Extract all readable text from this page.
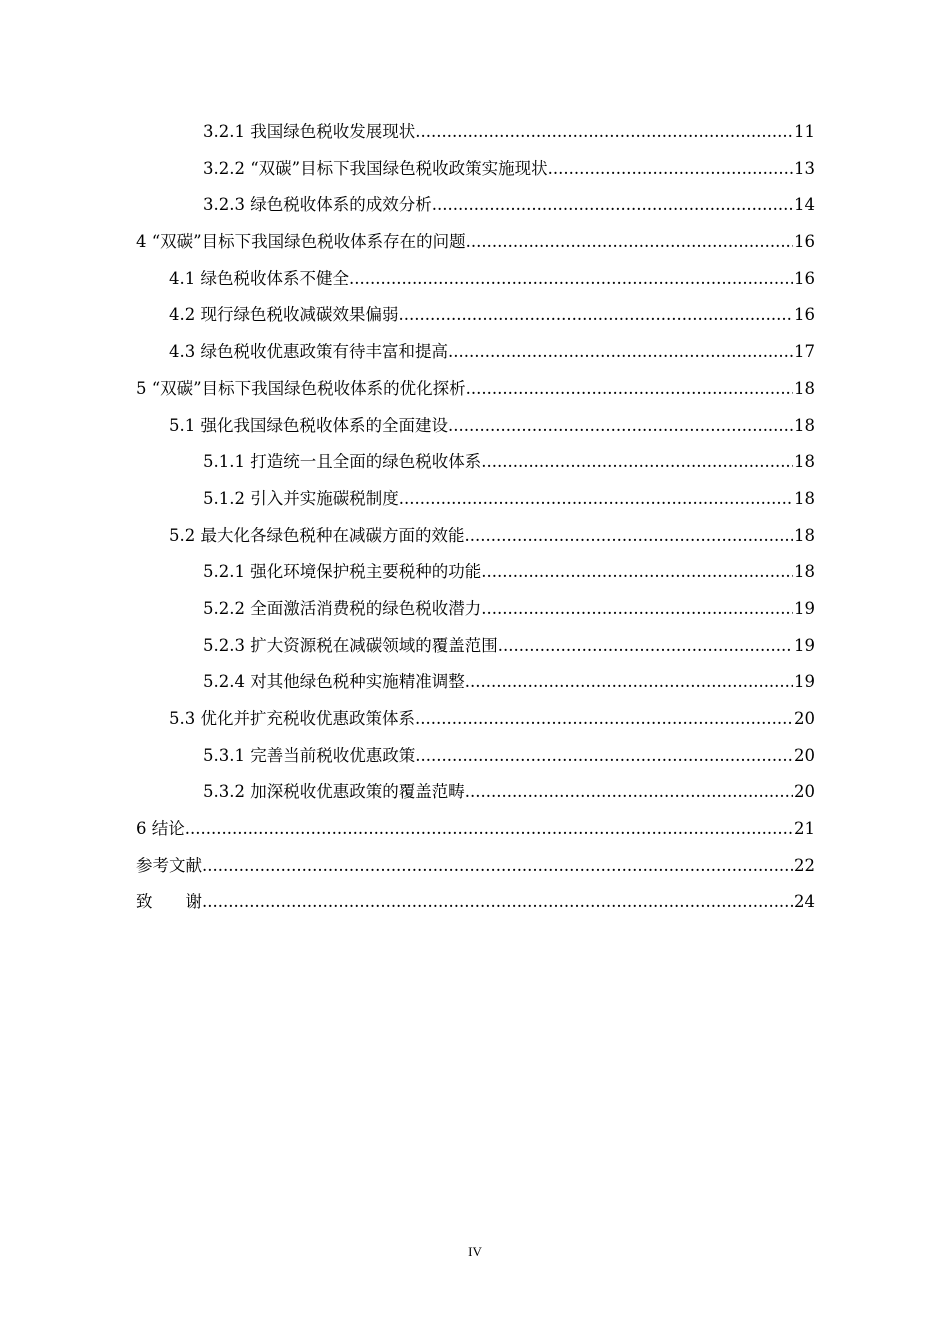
3.2.1 我国绿色税收发展现状 .....	11
3.2.2 “双碳”目标下我国绿色税收政策实施现状 .....	13
3.2.3 绿色税收体系的成效分析 .....	14
4 “双碳”目标下我国绿色税收体系存在的问题 .....	16
4.1 绿色税收体系不健全 .....	16
4.2 现行绿色税收减碳效果偏弱 .....	16
4.3 绿色税收优惠政策有待丰富和提高 .....	17
5 “双碳”目标下我国绿色税收体系的优化探析 .....	18
5.1 强化我国绿色税收体系的全面建设 .....	18
5.1.1 打造统一且全面的绿色税收体系 .....	18
5.1.2 引入并实施碳税制度 .....	18
5.2 最大化各绿色税种在减碳方面的效能 .....	18
5.2.1 强化环境保护税主要税种的功能 .....	18
5.2.2 全面激活消费税的绿色税收潜力 .....	19
5.2.3 扩大资源税在减碳领域的覆盖范围 .....	19
5.2.4 对其他绿色税种实施精准调整 .....	19
5.3 优化并扩充税收优惠政策体系 .....	20
5.3.1 完善当前税收优惠政策 .....	20
5.3.2 加深税收优惠政策的覆盖范畴 .....	20
6 结论 .....	21
参考文献 .....	22
致　　谢 .....	24
IV
